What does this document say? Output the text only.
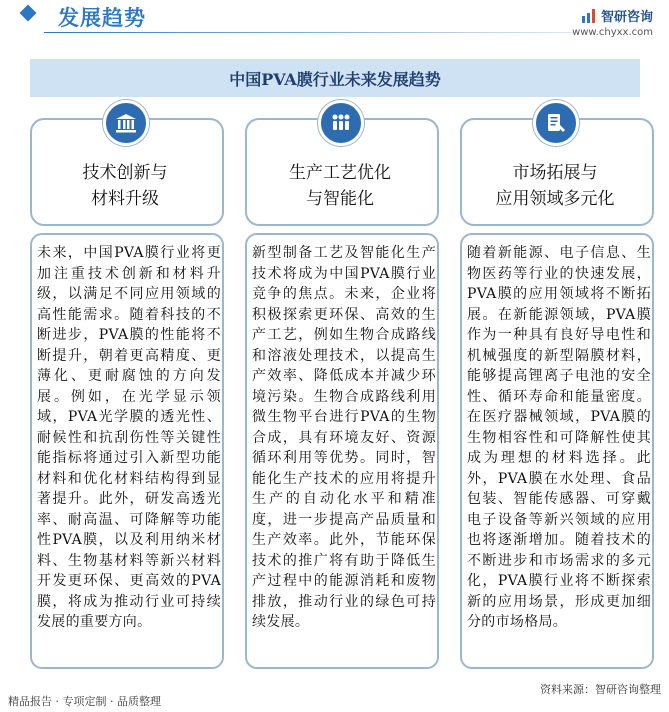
发展趋势	智研咨询
www.chyxx.com
中国PVA膜行业未来发展趋势
技术创新与
材料升级
未来，中国PVA膜行业将更加注重技术创新和材料升级，以满足不同应用领域的高性能需求。随着科技的不断进步，PVA膜的性能将不断提升，朝着更高精度、更薄化、更耐腐蚀的方向发展。例如，在光学显示领域，PVA光学膜的透光性、耐候性和抗刮伤性等关键性能指标将通过引入新型功能材料和优化材料结构得到显著提升。此外，研发高透光率、耐高温、可降解等功能性PVA膜，以及利用纳米材料、生物基材料等新兴材料开发更环保、更高效的PVA膜，将成为推动行业可持续发展的重要方向。
生产工艺优化
与智能化
新型制备工艺及智能化生产技术将成为中国PVA膜行业竞争的焦点。未来，企业将积极探索更环保、高效的生产工艺，例如生物合成路线和溶液处理技术，以提高生产效率、降低成本并减少环境污染。生物合成路线利用微生物平台进行PVA的生物合成，具有环境友好、资源循环利用等优势。同时，智能化生产技术的应用将提升生产的自动化水平和精准度，进一步提高产品质量和生产效率。此外，节能环保技术的推广将有助于降低生产过程中的能源消耗和废物排放，推动行业的绿色可持续发展。
市场拓展与
应用领域多元化
随着新能源、电子信息、生物医药等行业的快速发展，PVA膜的应用领域将不断拓展。在新能源领域，PVA膜作为一种具有良好导电性和机械强度的新型隔膜材料，能够提高锂离子电池的安全性、循环寿命和能量密度。在医疗器械领域，PVA膜的生物相容性和可降解性使其成为理想的材料选择。此外，PVA膜在水处理、食品包装、智能传感器、可穿戴电子设备等新兴领域的应用也将逐渐增加。随着技术的不断进步和市场需求的多元化，PVA膜行业将不断探索新的应用场景，形成更加细分的市场格局。
精品报告 · 专项定制 · 品质整理
资料来源：智研咨询整理
